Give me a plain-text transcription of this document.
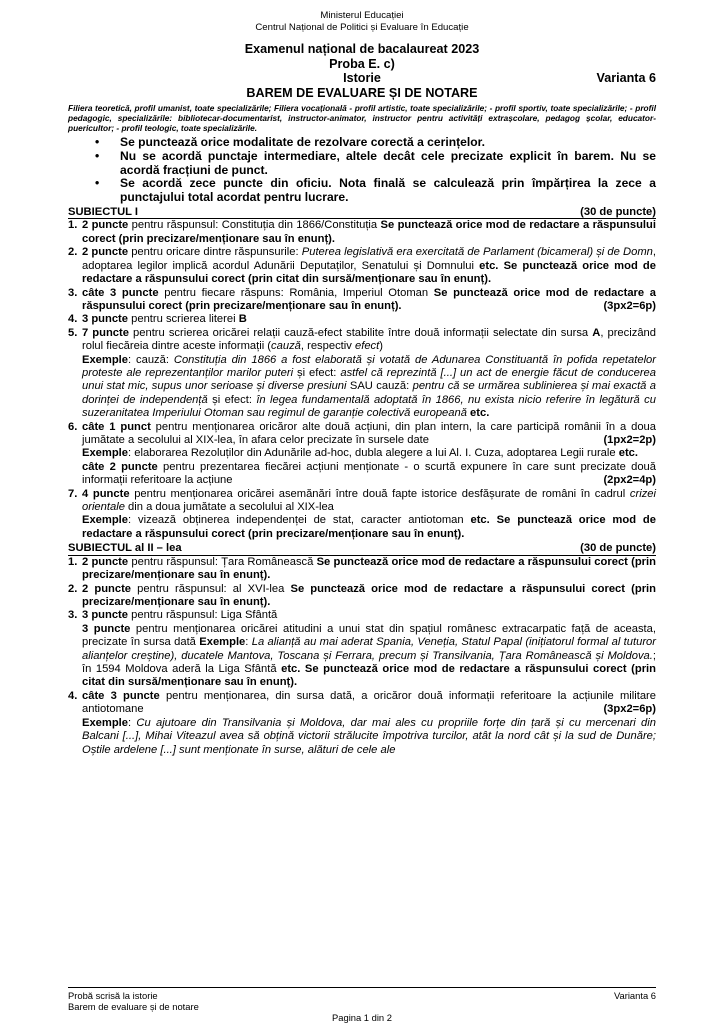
Ministerul Educației
Centrul Național de Politici și Evaluare în Educație
Examenul național de bacalaureat 2023
Proba E. c)
Istorie	Varianta 6
BAREM DE EVALUARE ȘI DE NOTARE
Filiera teoretică, profil umanist, toate specializările; Filiera vocațională - profil artistic, toate specializările; - profil sportiv, toate specializările; - profil pedagogic, specializările: bibliotecar-documentarist, instructor-animator, instructor pentru activități extrașcolare, pedagog școlar, educator-puericultor; - profil teologic, toate specializările.
• Se punctează orice modalitate de rezolvare corectă a cerințelor.
• Nu se acordă punctaje intermediare, altele decât cele precizate explicit în barem. Nu se acordă fracțiuni de punct.
• Se acordă zece puncte din oficiu. Nota finală se calculează prin împărțirea la zece a punctajului total acordat pentru lucrare.
SUBIECTUL I	(30 de puncte)
1. 2 puncte pentru răspunsul: Constituția din 1866/Constituția Se punctează orice mod de redactare a răspunsului corect (prin precizare/menționare sau în enunț).

2. 2 puncte pentru oricare dintre răspunsurile: Puterea legislativă era exercitată de Parlament (bicameral) și de Domn, adoptarea legilor implică acordul Adunării Deputaților, Senatului și Domnului etc. Se punctează orice mod de redactare a răspunsului corect (prin citat din sursă/menționare sau în enunț).

3. câte 3 puncte pentru fiecare răspuns: România, Imperiul Otoman Se punctează orice mod de redactare a răspunsului corect (prin precizare/menționare sau în enunț).	(3px2=6p)

4. 3 puncte pentru scrierea literei B

5. 7 puncte pentru scrierea oricărei relații cauză-efect stabilite între două informații selectate din sursa A, precizând rolul fiecăreia dintre aceste informații (cauză, respectiv efect)

Exemple: cauză: Constituția din 1866 a fost elaborată și votată de Adunarea Constituantă în pofida repetatelor proteste ale reprezentanților marilor puteri și efect: astfel că reprezintă [...] un act de energie făcut de conducerea unui stat mic, supus unor serioase și diverse presiuni SAU cauză: pentru că se urmărea sublinierea și mai exactă a dorinței de independență și efect: în legea fundamentală adoptată în 1866, nu exista nicio referire în legătură cu suzeranitatea Imperiului Otoman sau regimul de garanție colectivă europeană etc.

6. câte 1 punct pentru menționarea oricăror alte două acțiuni, din plan intern, la care participă românii în a doua jumătate a secolului al XIX-lea, în afara celor precizate în sursele date	(1px2=2p)

Exemple: elaborarea Rezoluților din Adunările ad-hoc, dubla alegere a lui Al. I. Cuza, adoptarea Legii rurale etc.

câte 2 puncte pentru prezentarea fiecărei acțiuni menționate - o scurtă expunere în care sunt precizate două informații referitoare la acțiune	(2px2=4p)

7. 4 puncte pentru menționarea oricărei asemănări între două fapte istorice desfășurate de români în cadrul crizei orientale din a doua jumătate a secolului al XIX-lea

Exemple: vizează obținerea independenței de stat, caracter antiotoman etc. Se punctează orice mod de redactare a răspunsului corect (prin precizare/menționare sau în enunț).

SUBIECTUL al II – lea	(30 de puncte)
1. 2 puncte pentru răspunsul: Țara Românească Se punctează orice mod de redactare a răspunsului corect (prin precizare/menționare sau în enunț).

2. 2 puncte pentru răspunsul: al XVI-lea Se punctează orice mod de redactare a răspunsului corect (prin precizare/menționare sau în enunț).

3. 3 puncte pentru răspunsul: Liga Sfântă

3 puncte pentru menționarea oricărei atitudini a unui stat din spațiul românesc extracarpatic față de aceasta, precizate în sursa dată Exemple: La alianță au mai aderat Spania, Veneția, Statul Papal (inițiatorul formal al tuturor alianțelor creștine), ducatele Mantova, Toscana și Ferrara, precum și Transilvania, Țara Românească și Moldova.; în 1594 Moldova aderă la Liga Sfântă etc. Se punctează orice mod de redactare a răspunsului corect (prin citat din sursă/menționare sau în enunț).

4. câte 3 puncte pentru menționarea, din sursa dată, a oricăror două informații referitoare la acțiunile militare antiotomane	(3px2=6p)

Exemple: Cu ajutoare din Transilvania și Moldova, dar mai ales cu propriile forțe din țară și cu mercenari din Balcani [...], Mihai Viteazul avea să obțină victorii strălucite împotriva turcilor, atât la nord cât și la sud de Dunăre; Oștile ardelene [...] sunt menționate în surse, alături de cele ale

Probă scrisă la istorie	Varianta 6
Barem de evaluare și de notare
Pagina 1 din 2
